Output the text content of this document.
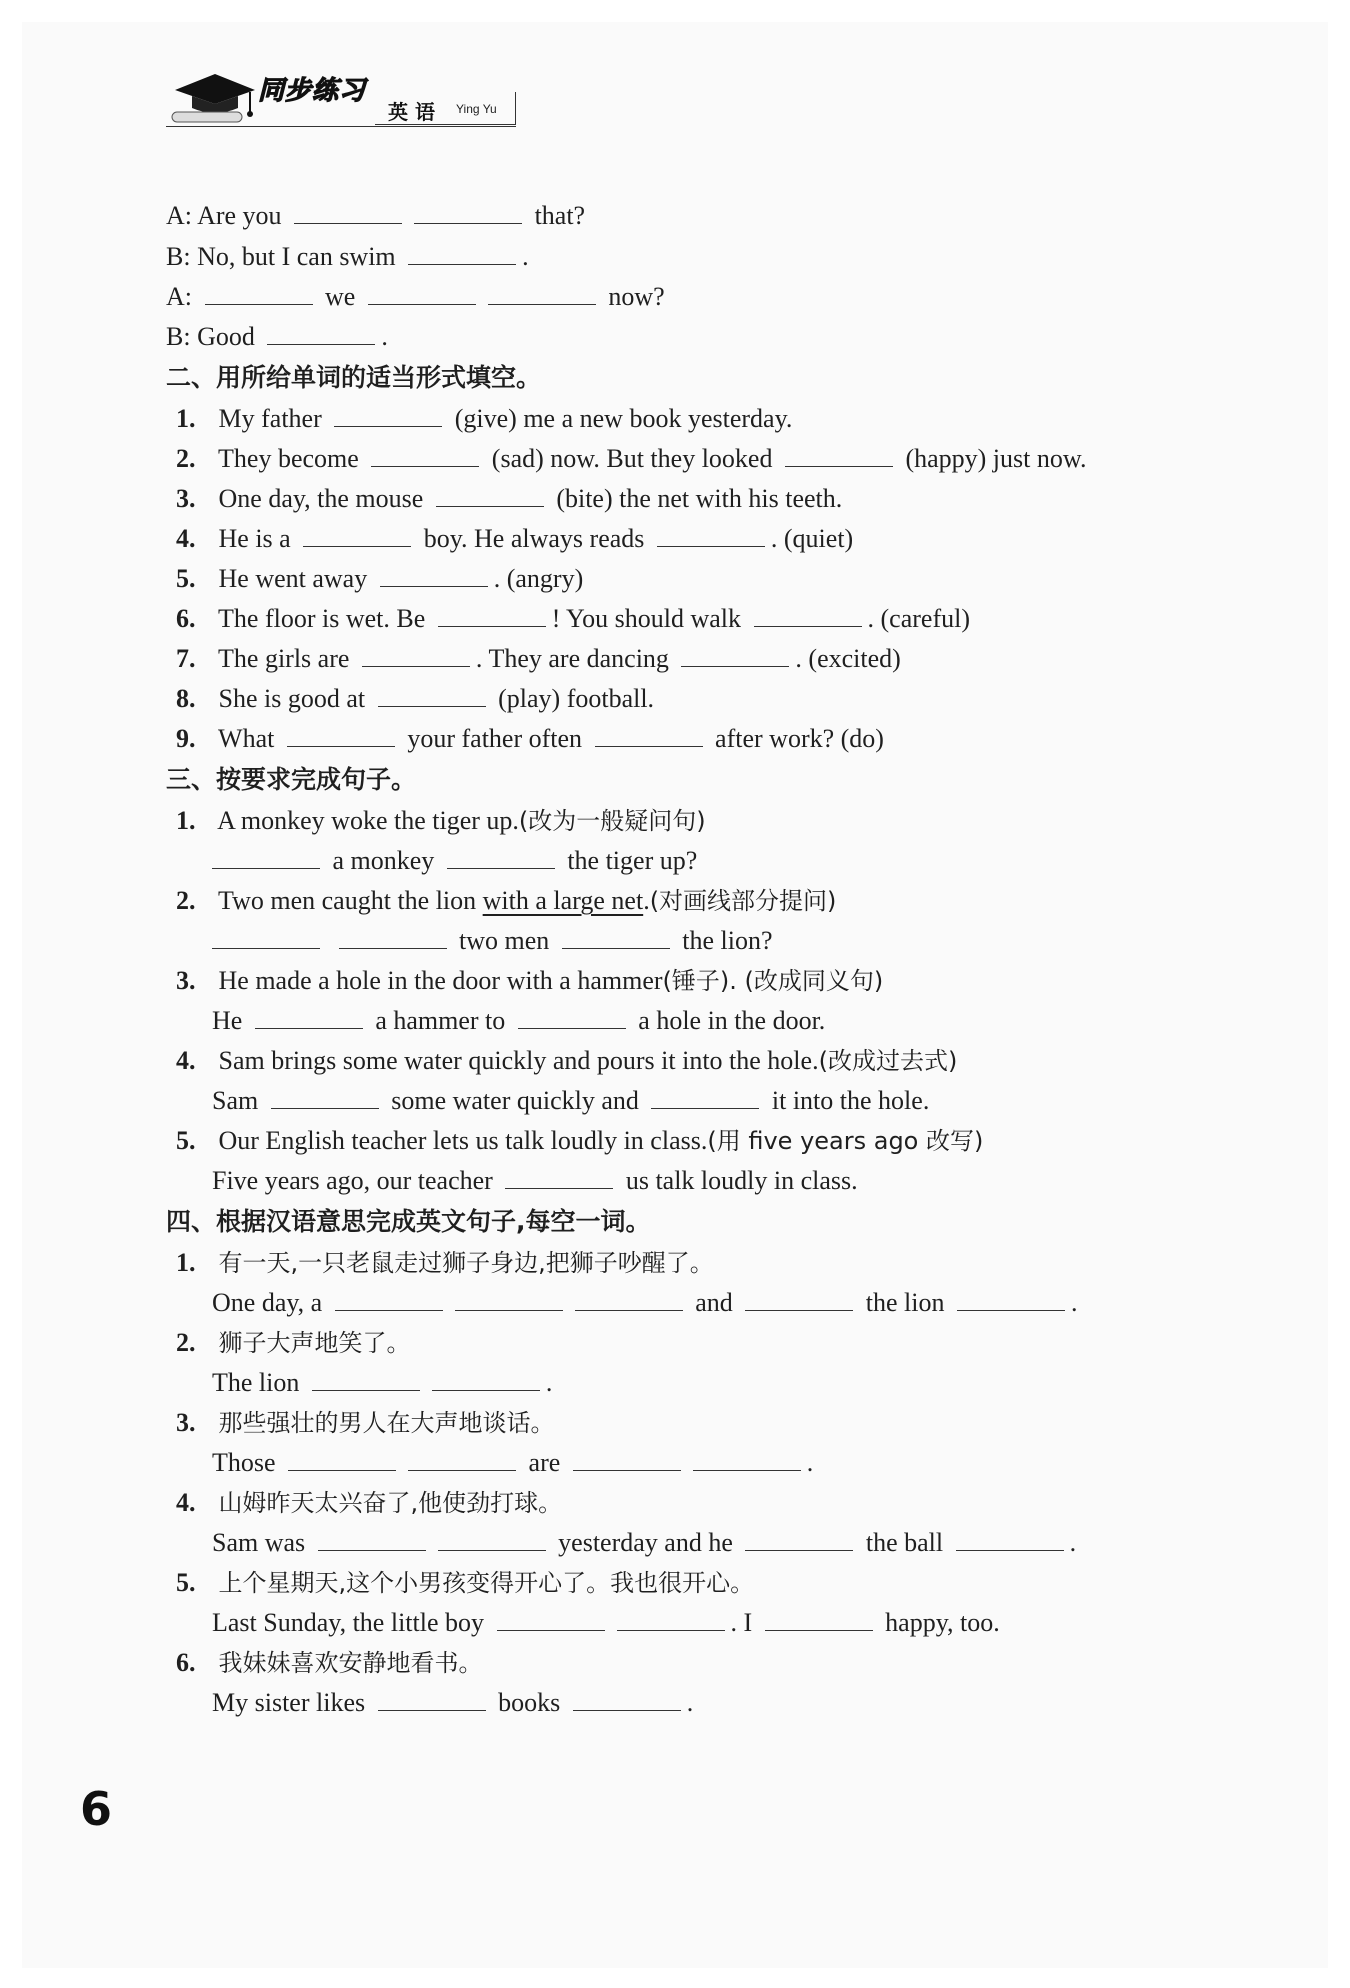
同步练习
英 语 Ying Yu
A: Are you	that?
B: No, but I can swim	.
A:	we	now?
B: Good	.
二、用所给单词的适当形式填空。
1. My father	(give) me a new book yesterday.
2. They become	(sad) now. But they looked	(happy) just now.
3. One day, the mouse	(bite) the net with his teeth.
4. He is a	boy. He always reads	. (quiet)
5. He went away	. (angry)
6. The floor is wet. Be	! You should walk	. (careful)
7. The girls are	. They are dancing	. (excited)
8. She is good at	(play) football.
9. What	your father often	after work? (do)
三、按要求完成句子。
1. A monkey woke the tiger up.(改为一般疑问句)
a monkey	the tiger up?
2. Two men caught the lion with a large net.(对画线部分提问)
two men	the lion?
3. He made a hole in the door with a hammer(锤子). (改成同义句)
He	a hammer to	a hole in the door.
4. Sam brings some water quickly and pours it into the hole.(改成过去式)
Sam	some water quickly and	it into the hole.
5. Our English teacher lets us talk loudly in class.(用 five years ago 改写)
Five years ago, our teacher	us talk loudly in class.
四、根据汉语意思完成英文句子,每空一词。
1. 有一天,一只老鼠走过狮子身边,把狮子吵醒了。
One day, a	and	the lion	.
2. 狮子大声地笑了。
The lion	.
3. 那些强壮的男人在大声地谈话。
Those	are	.
4. 山姆昨天太兴奋了,他使劲打球。
Sam was	yesterday and he	the ball	.
5. 上个星期天,这个小男孩变得开心了。我也很开心。
Last Sunday, the little boy	. I	happy, too.
6. 我妹妹喜欢安静地看书。
My sister likes	books	.
6
